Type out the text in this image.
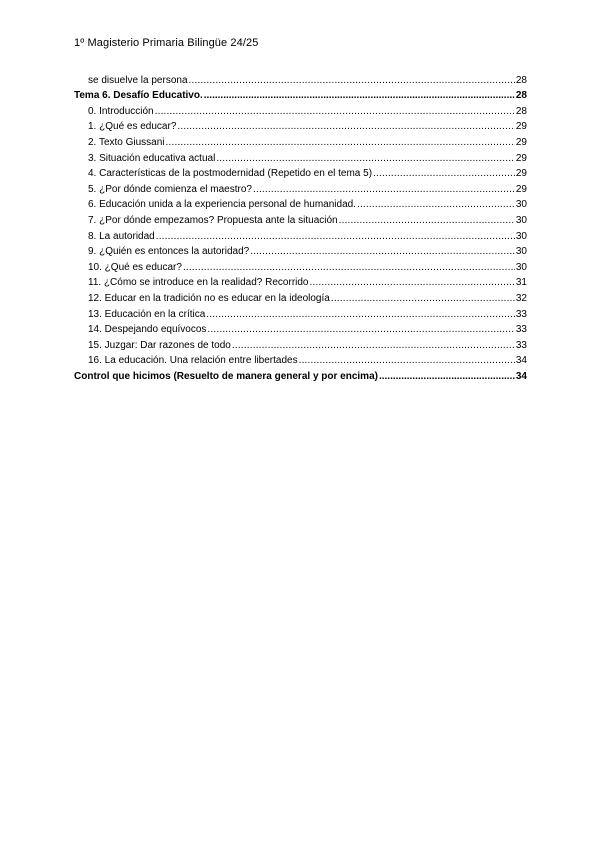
1º Magisterio Primaria Bilingüe 24/25
se disuelve la persona .....	28
Tema 6. Desafío Educativo. .....	28
0. Introducción .....	28
1. ¿Qué es educar? .....	29
2. Texto Giussani .....	29
3. Situación educativa actual .....	29
4. Características de la postmodernidad (Repetido en el tema 5) .....	29
5. ¿Por dónde comienza el maestro? .....	29
6. Educación unida a la experiencia personal de humanidad. .....	30
7. ¿Por dónde empezamos? Propuesta ante la situación .....	30
8. La autoridad .....	30
9. ¿Quién es entonces la autoridad? .....	30
10. ¿Qué es educar? .....	30
11. ¿Cómo se introduce en la realidad? Recorrido .....	31
12. Educar en la tradición no es educar en la ideología .....	32
13. Educación en la crítica .....	33
14. Despejando equívocos .....	33
15. Juzgar: Dar razones de todo .....	33
16. La educación. Una relación entre libertades .....	34
Control que hicimos (Resuelto de manera general y por encima) .....	34
